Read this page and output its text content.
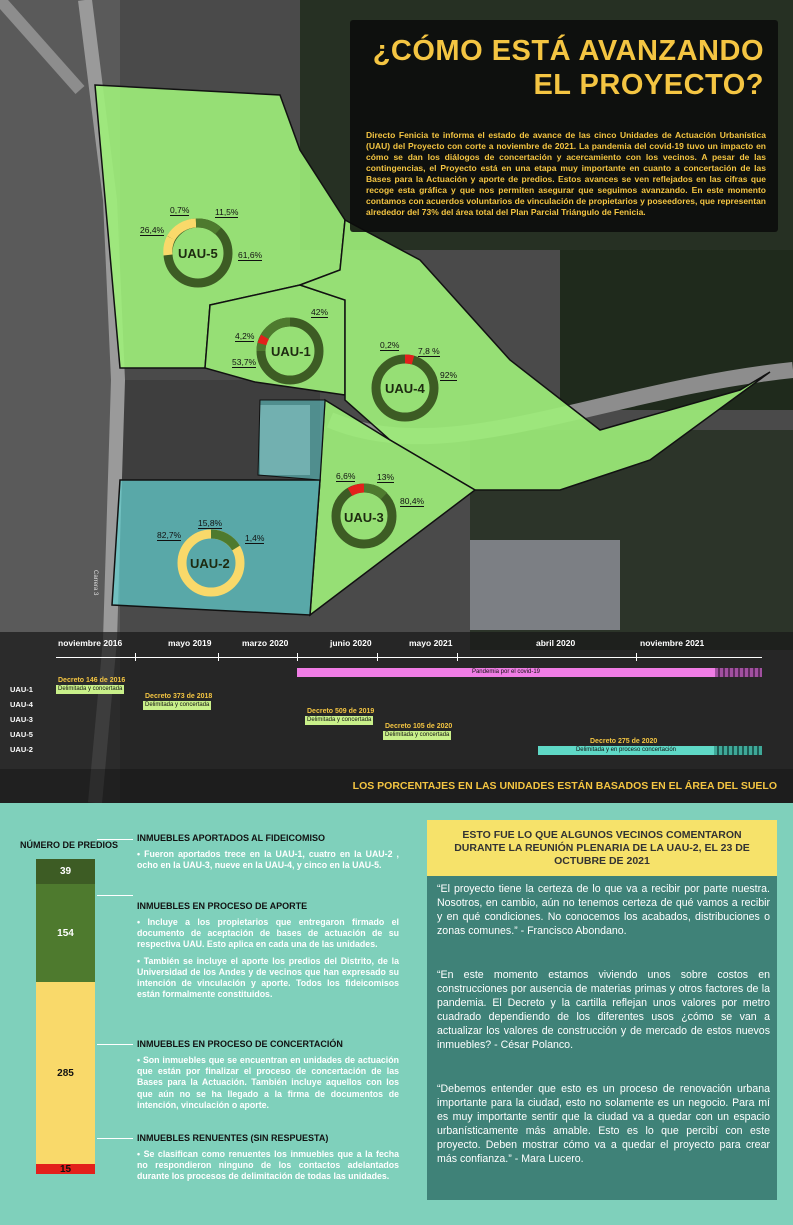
UAU-5
0,7%	11,5%
26,4%
61,6%
UAU-1
42%
4,2%
53,7%
UAU-4
0,2%
7,8 %
92%
UAU-3
6,6%	13%
80,4%
UAU-2
15,8%
82,7%	1,4%
Carrera 3
¿CÓMO ESTÁ AVANZANDO EL PROYECTO?
Directo Fenicia te informa el estado de avance de las cinco Unidades de Actuación Urbanística (UAU) del Proyecto con corte a noviembre de 2021. La pandemia del covid-19 tuvo un impacto en cómo se dan los diálogos de concertación y acercamiento con los vecinos. A pesar de las contingencias, el Proyecto está en una etapa muy importante en cuanto a concertación de las Bases para la Actuación y aporte de predios. Estos avances se ven reflejados en las cifras que recoge esta gráfica y que nos permiten asegurar que seguimos avanzando. En este momento contamos con acuerdos voluntarios de vinculación de propietarios y poseedores, que representan alrededor del 73% del área total del Plan Parcial Triángulo de Fenicia.
noviembre 2016	mayo 2019	marzo 2020	junio 2020	mayo 2021	abril 2020	noviembre 2021
Pandemia por el covid-19
UAU-1
UAU-4
UAU-3
UAU-5
UAU-2
Decreto 146 de 2016
Delimitada y concertada
Decreto 373 de 2018
Delimitada y concertada
Decreto 509 de 2019
Delimitada y concertada
Decreto 105 de 2020
Delimitada y concertada
Decreto 275 de 2020
Delimitada y en proceso concertación
LOS PORCENTAJES EN LAS UNIDADES ESTÁN BASADOS EN EL ÁREA DEL SUELO
NÚMERO DE PREDIOS
INMUEBLES APORTADOS AL FIDEICOMISO

• Fueron aportados trece en la UAU-1, cuatro en la UAU-2 , ocho en la UAU-3, nueve en la UAU-4, y cinco en la UAU-5.

INMUEBLES EN PROCESO DE APORTE

• Incluye a los propietarios que entregaron firmado el documento de aceptación de bases de actuación de su respectiva UAU. Esto aplica en cada una de las unidades.

• También se incluye el aporte los predios del Distrito, de la Universidad de los Andes y de vecinos que han expresado su intención de vinculación y aporte. Todos los fideicomisos están formalmente constituidos.

INMUEBLES EN PROCESO DE CONCERTACIÓN

• Son inmuebles que se encuentran en unidades de actuación que están por finalizar el proceso de concertación de las Bases para la Actuación. También incluye aquellos con los que aún no se ha llegado a la firma de documentos de intención, vinculación o aporte.

INMUEBLES RENUENTES (SIN RESPUESTA)

• Se clasifican como renuentes los inmuebles que a la fecha no respondieron ninguno de los contactos adelantados durante los procesos de delimitación de todas las unidades.

ESTO FUE LO QUE ALGUNOS VECINOS COMENTARON DURANTE LA REUNIÓN PLENARIA DE LA UAU-2, EL 23 DE OCTUBRE DE 2021
“El proyecto tiene la certeza de lo que va a recibir por parte nuestra. Nosotros, en cambio, aún no tenemos certeza de qué vamos a recibir y en qué condiciones. No conocemos los acabados, distribuciones o zonas comunes.” - Francisco Abondano.
“En este momento estamos viviendo unos sobre costos en construcciones por ausencia de materias primas y otros factores de la pandemia. El Decreto y la cartilla reflejan unos valores por metro cuadrado dependiendo de los diferentes usos ¿cómo se van a actualizar los valores de construcción y de mercado de estos nuevos inmuebles? - César Polanco.
“Debemos entender que esto es un proceso de renovación urbana importante para la ciudad, esto no solamente es un negocio. Para mí es muy importante sentir que la ciudad va a quedar con un espacio urbanísticamente más amable. Esto es lo que percibí con este proyecto. Deben mostrar cómo va a quedar el proyecto para crear más confianza.” - Mara Lucero.
39
154
285
15
